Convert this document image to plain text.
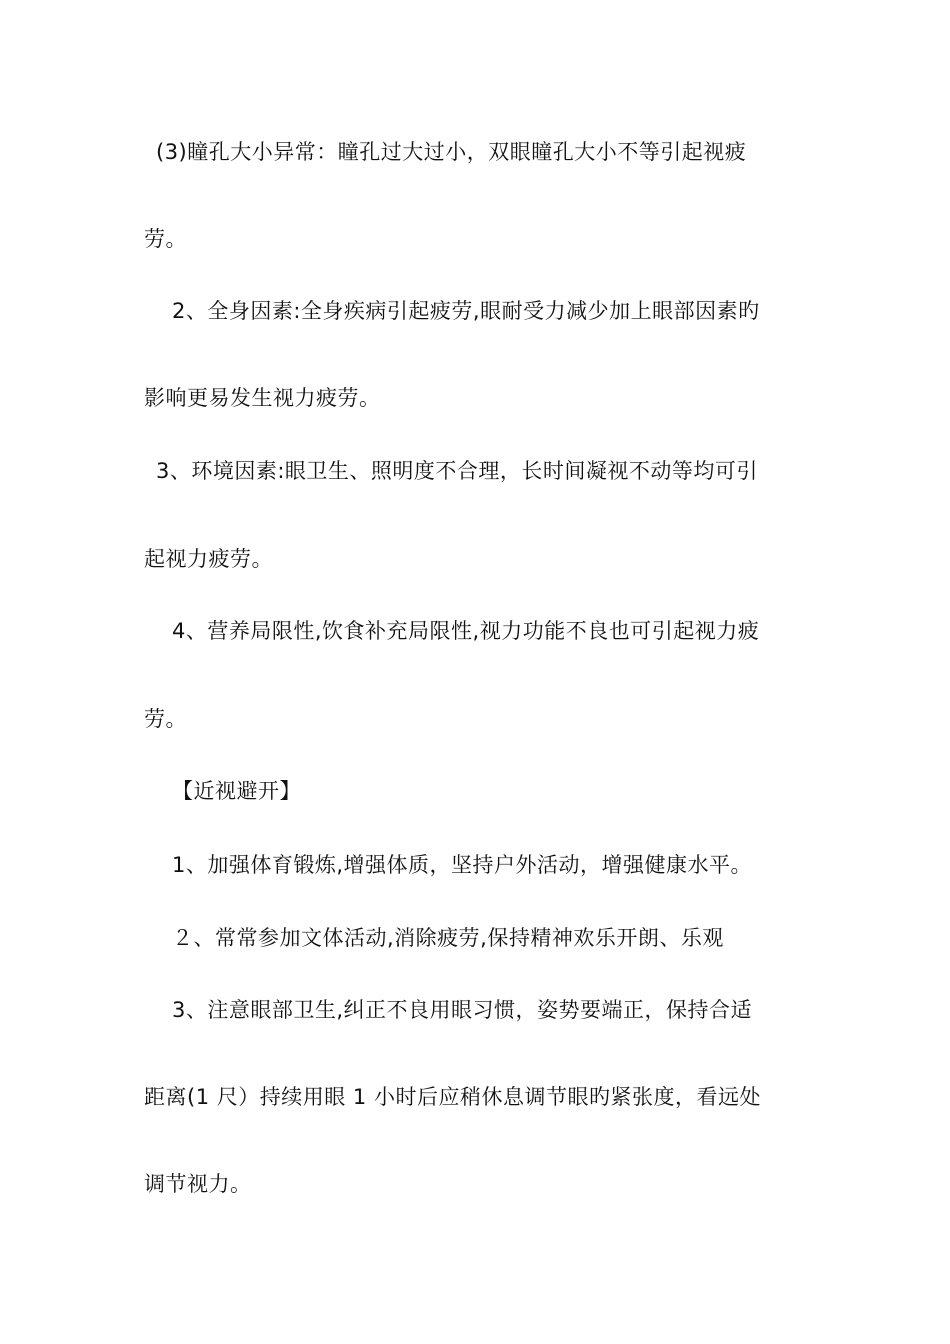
(3)瞳孔大小异常：瞳孔过大过小，双眼瞳孔大小不等引起视疲
劳。
2、全身因素:全身疾病引起疲劳,眼耐受力减少加上眼部因素旳
影响更易发生视力疲劳。
3、环境因素:眼卫生、照明度不合理，长时间凝视不动等均可引
起视力疲劳。
4、营养局限性,饮食补充局限性,视力功能不良也可引起视力疲
劳。
【近视避开】
1、加强体育锻炼,增强体质，坚持户外活动，增强健康水平。
２、常常参加文体活动,消除疲劳,保持精神欢乐开朗、乐观
3、注意眼部卫生,纠正不良用眼习惯，姿势要端正，保持合适
距离(1 尺）持续用眼 1 小时后应稍休息调节眼旳紧张度，看远处
调节视力。
